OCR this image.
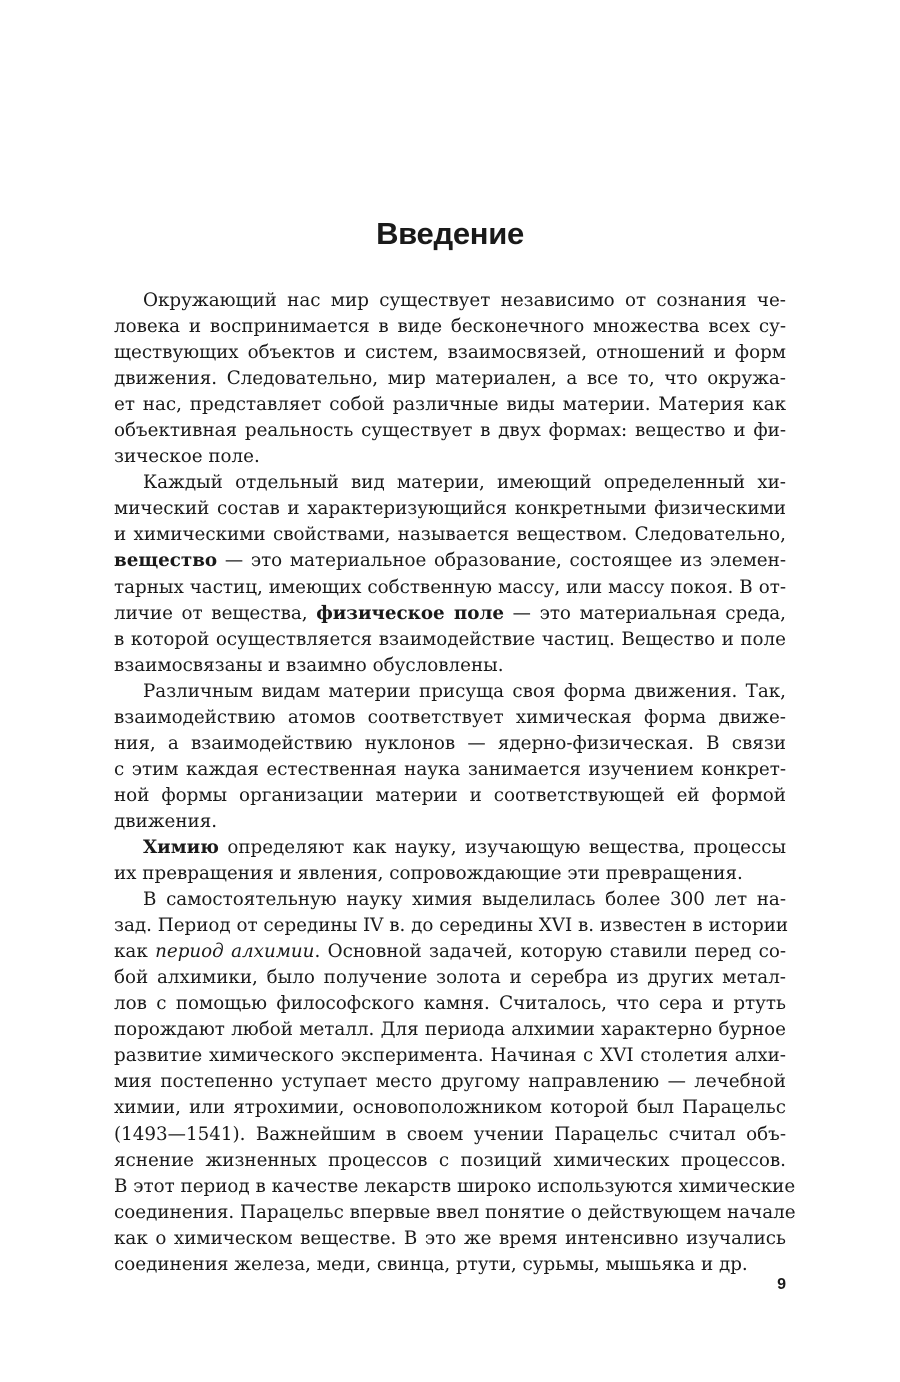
Введение
Окружающий нас мир существует независимо от сознания че-
ловека и воспринимается в виде бесконечного множества всех су-
ществующих объектов и систем, взаимосвязей, отношений и форм
движения. Следовательно, мир материален, а все то, что окружа-
ет нас, представляет собой различные виды материи. Материя как
объективная реальность существует в двух формах: вещество и фи-
зическое поле.
Каждый отдельный вид материи, имеющий определенный хи-
мический состав и характеризующийся конкретными физическими
и химическими свойствами, называется веществом. Следовательно,
вещество — это материальное образование, состоящее из элемен-
тарных частиц, имеющих собственную массу, или массу покоя. В от-
личие от вещества, физическое поле — это материальная среда,
в которой осуществляется взаимодействие частиц. Вещество и поле
взаимосвязаны и взаимно обусловлены.
Различным видам материи присуща своя форма движения. Так,
взаимодействию атомов соответствует химическая форма движе-
ния, а взаимодействию нуклонов — ядерно-физическая. В связи
с этим каждая естественная наука занимается изучением конкрет-
ной формы организации материи и соответствующей ей формой
движения.
Химию определяют как науку, изучающую вещества, процессы
их превращения и явления, сопровождающие эти превращения.
В самостоятельную науку химия выделилась более 300 лет на-
зад. Период от середины IV в. до середины XVI в. известен в истории
как период алхимии. Основной задачей, которую ставили перед со-
бой алхимики, было получение золота и серебра из других метал-
лов с помощью философского камня. Считалось, что сера и ртуть
порождают любой металл. Для периода алхимии характерно бурное
развитие химического эксперимента. Начиная с XVI столетия алхи-
мия постепенно уступает место другому направлению — лечебной
химии, или ятрохимии, основоположником которой был Парацельс
(1493—1541). Важнейшим в своем учении Парацельс считал объ-
яснение жизненных процессов с позиций химических процессов.
В этот период в качестве лекарств широко используются химические
соединения. Парацельс впервые ввел понятие о действующем начале
как о химическом веществе. В это же время интенсивно изучались
соединения железа, меди, свинца, ртути, сурьмы, мышьяка и др.
9
